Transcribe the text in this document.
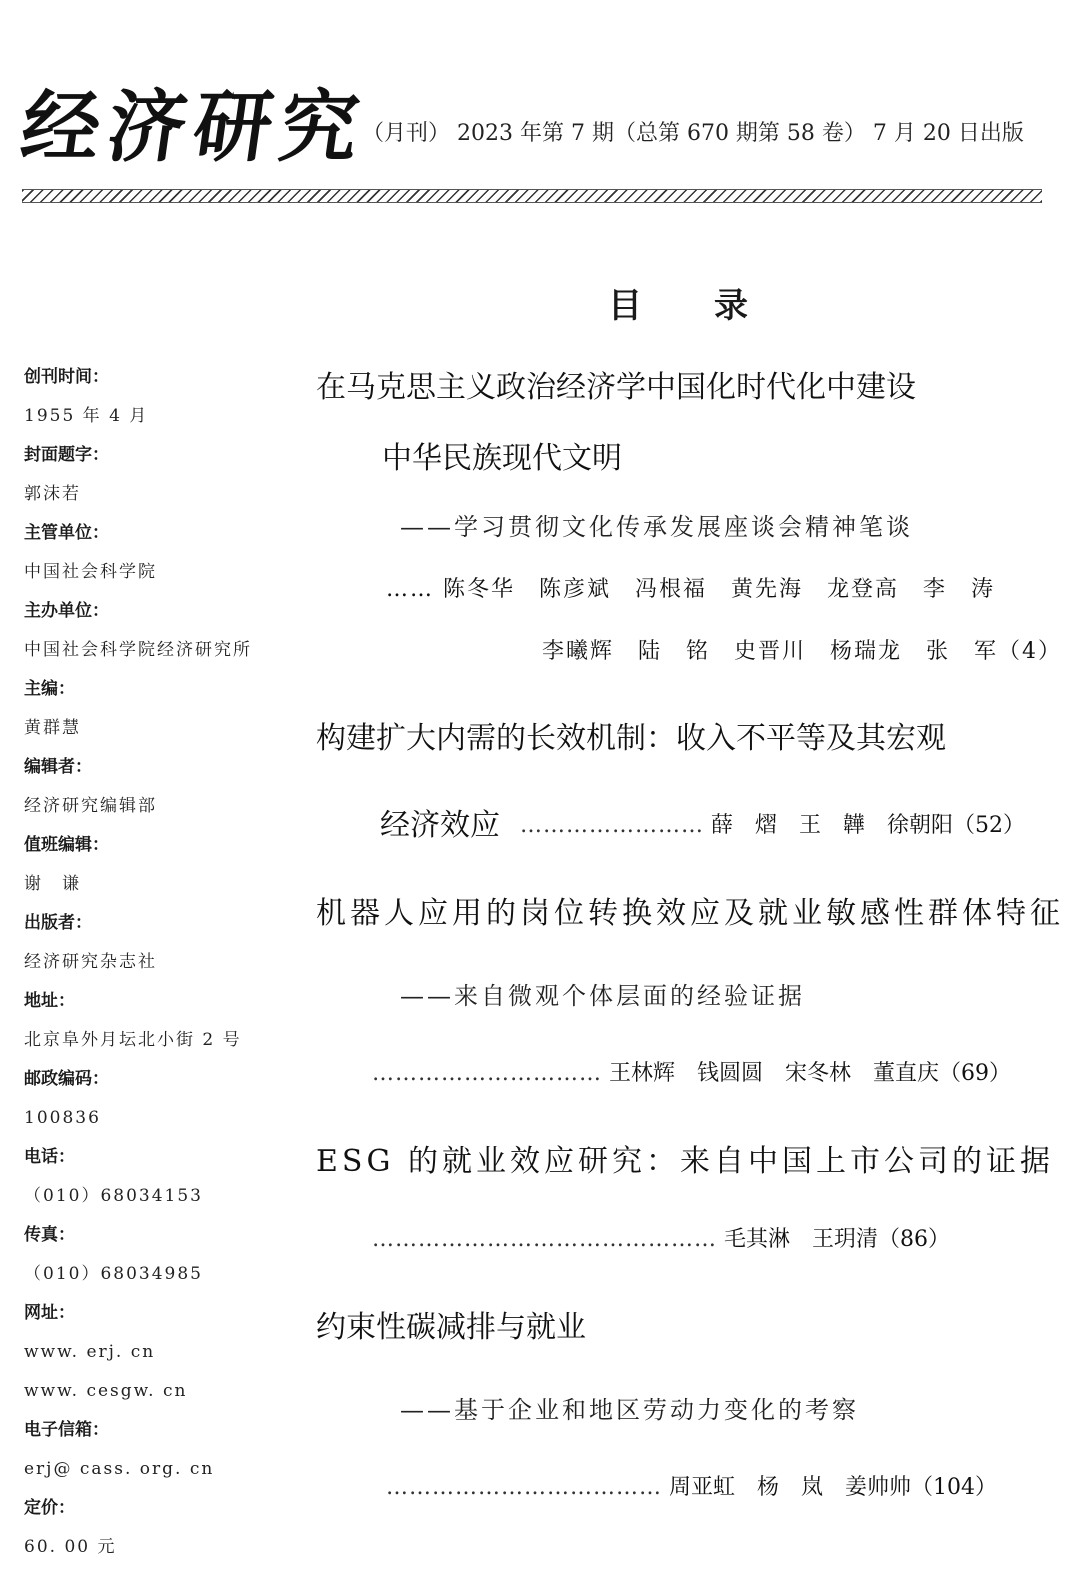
经济研究
（月刊） 2023 年第 7 期（总第 670 期第 58 卷） 7 月 20 日出版
目录
创刊时间：
1955 年 4 月
封面题字：
郭沫若
主管单位：
中国社会科学院
主办单位：
中国社会科学院经济研究所
主编：
黄群慧
编辑者：
经济研究编辑部
值班编辑：
谢　谦
出版者：
经济研究杂志社
地址：
北京阜外月坛北小街 2 号
邮政编码：
100836
电话：
（010）68034153
传真：
（010）68034985
网址：
www. erj. cn
www. cesgw. cn
电子信箱：
erj@ cass. org. cn
定价：
60. 00 元
在马克思主义政治经济学中国化时代化中建设
中华民族现代文明
——学习贯彻文化传承发展座谈会精神笔谈
…… 陈冬华　陈彦斌　冯根福　黄先海　龙登高　李　涛
李曦辉　陆　铭　史晋川　杨瑞龙　张　军（4）
构建扩大内需的长效机制：收入不平等及其宏观
经济效应 …………………… 薛　熠　王　韡　徐朝阳（52）
机器人应用的岗位转换效应及就业敏感性群体特征
——来自微观个体层面的经验证据
………………………… 王林辉　钱圆圆　宋冬林　董直庆（69）
ESG 的就业效应研究：来自中国上市公司的证据
……………………………………… 毛其淋　王玥清（86）
约束性碳减排与就业
——基于企业和地区劳动力变化的考察
……………………………… 周亚虹　杨　岚　姜帅帅（104）
